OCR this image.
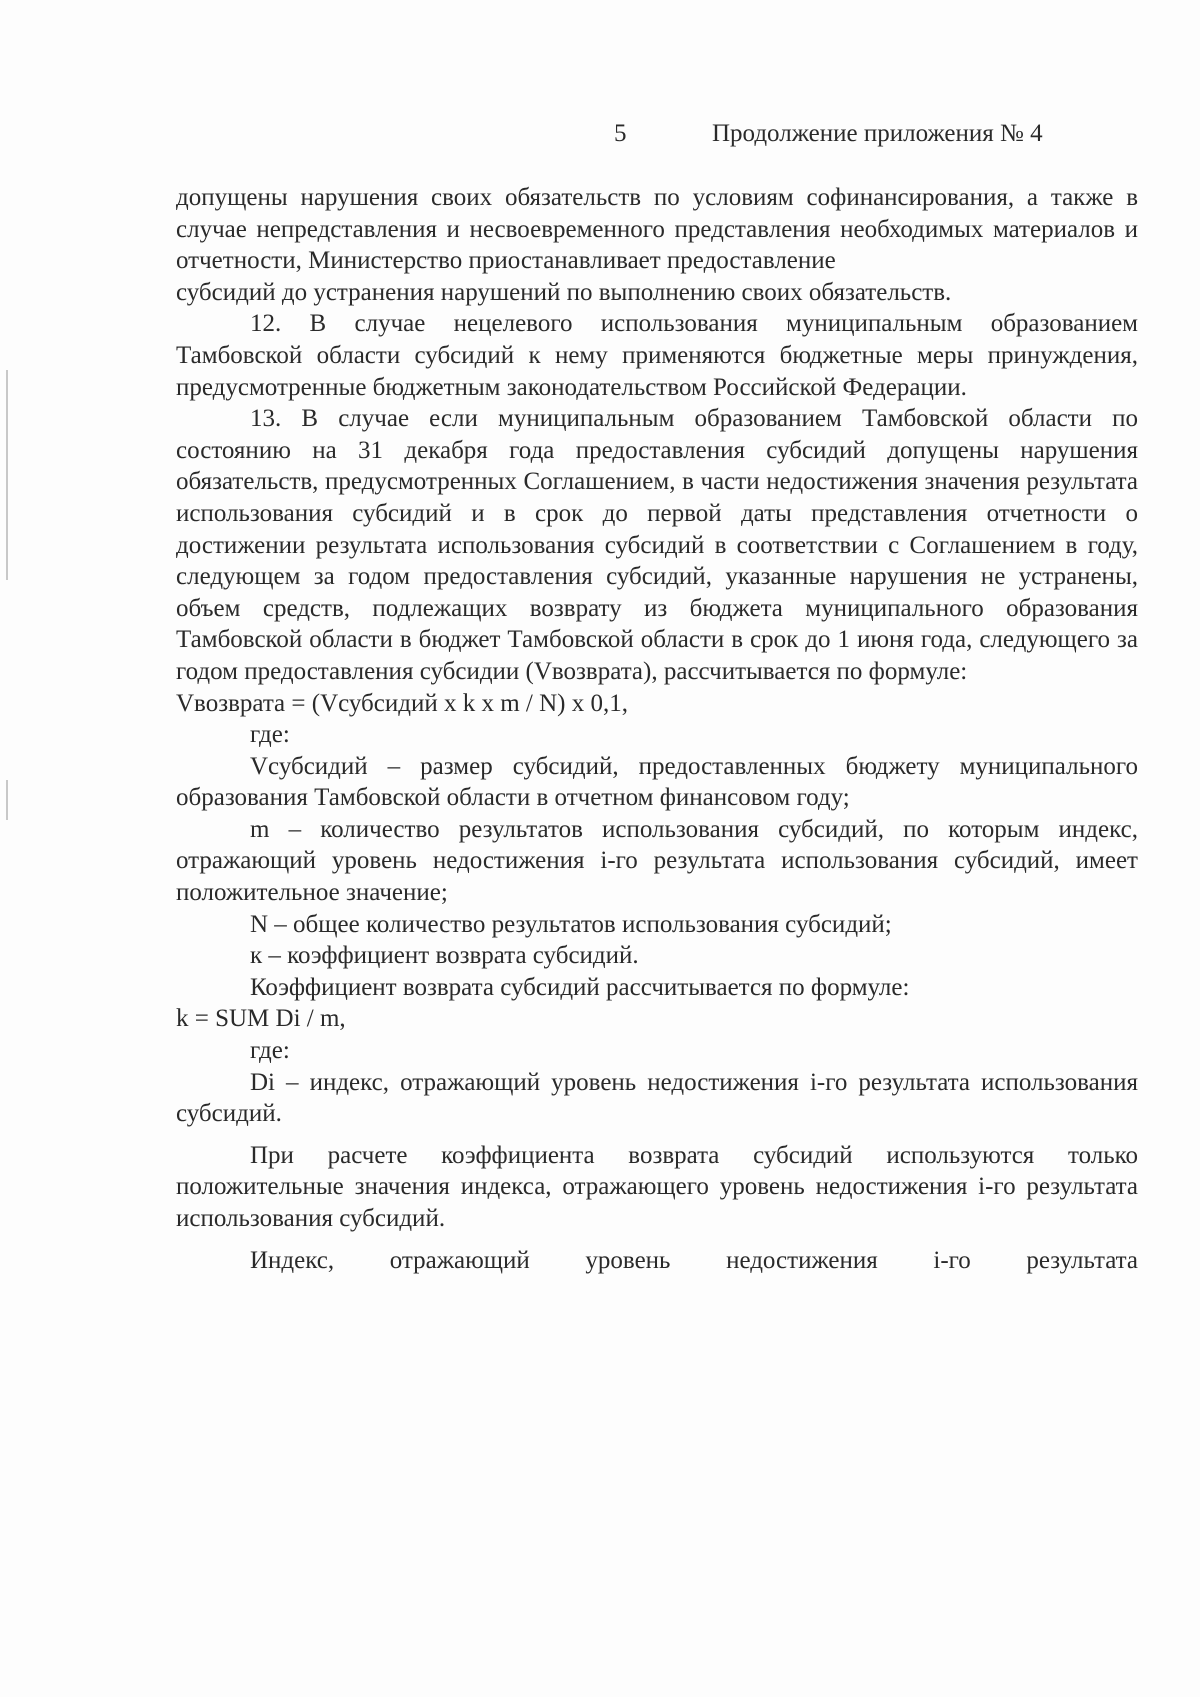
5	Продолжение приложения № 4

допущены нарушения своих обязательств по условиям софинансирования, а также в случае непредставления и несвоевременного представления необходимых материалов и отчетности, Министерство приостанавливает предоставление

субсидий до устранения нарушений по выполнению своих обязательств.

12. В случае нецелевого использования муниципальным образованием Тамбовской области субсидий к нему применяются бюджетные меры принуждения, предусмотренные бюджетным законодательством Российской Федерации.

13. В случае если муниципальным образованием Тамбовской области по состоянию на 31 декабря года предоставления субсидий допущены нарушения обязательств, предусмотренных Соглашением, в части недостижения значения результата использования субсидий и в срок до первой даты представления отчетности о достижении результата использования субсидий в соответствии с Соглашением в году, следующем за годом предоставления субсидий, указанные нарушения не устранены, объем средств, подлежащих возврату из бюджета муниципального образования Тамбовской области в бюджет Тамбовской области в срок до 1 июня года, следующего за годом предоставления субсидии (Vвозврата), рассчитывается по формуле:

Vвозврата = (Vсубсидий х k х m / N) х 0,1,

где:

Vсубсидий – размер субсидий, предоставленных бюджету муниципального образования Тамбовской области в отчетном финансовом году;

m – количество результатов использования субсидий, по которым индекс, отражающий уровень недостижения i-го результата использования субсидий, имеет положительное значение;

N – общее количество результатов использования субсидий;

к – коэффициент возврата субсидий.

Коэффициент возврата субсидий рассчитывается по формуле:

k = SUM Di / m,

где:

Di – индекс, отражающий уровень недостижения i-го результата использования субсидий.

При расчете коэффициента возврата субсидий используются только положительные значения индекса, отражающего уровень недостижения i-го результата использования субсидий.

Индекс, отражающий уровень недостижения i-го результата
